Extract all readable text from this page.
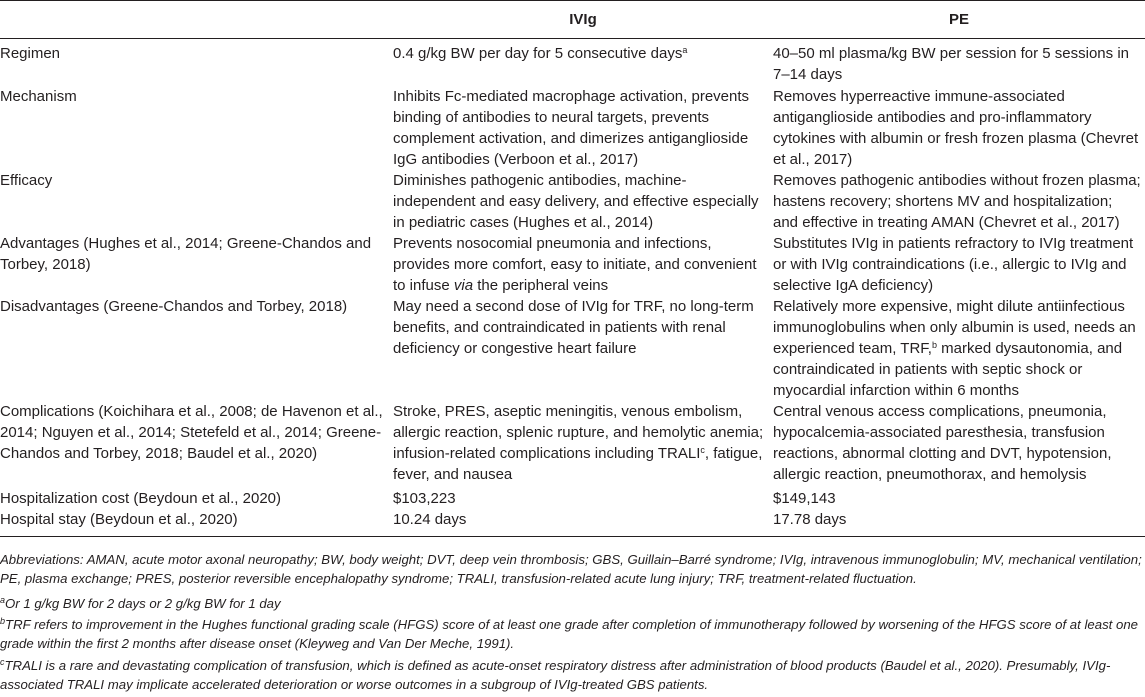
	IVIg	PE
Regimen	0.4 g/kg BW per day for 5 consecutive days$^a$	40–50 ml plasma/kg BW per session for 5 sessions in 7–14 days
Mechanism	Inhibits Fc-mediated macrophage activation, prevents binding of antibodies to neural targets, prevents complement activation, and dimerizes antiganglioside IgG antibodies (Verboon et al., 2017)	Removes hyperreactive immune-associated antiganglioside antibodies and pro-inflammatory cytokines with albumin or fresh frozen plasma (Chevret et al., 2017)
Efficacy	Diminishes pathogenic antibodies, machine-independent and easy delivery, and effective especially in pediatric cases (Hughes et al., 2014)	Removes pathogenic antibodies without frozen plasma; hastens recovery; shortens MV and hospitalization; and effective in treating AMAN (Chevret et al., 2017)
Advantages (Hughes et al., 2014; Greene-Chandos and Torbey, 2018)	Prevents nosocomial pneumonia and infections, provides more comfort, easy to initiate, and convenient to infuse via the peripheral veins	Substitutes IVIg in patients refractory to IVIg treatment or with IVIg contraindications (i.e., allergic to IVIg and selective IgA deficiency)
Disadvantages (Greene-Chandos and Torbey, 2018)	May need a second dose of IVIg for TRF, no long-term benefits, and contraindicated in patients with renal deficiency or congestive heart failure	Relatively more expensive, might dilute antiinfectious immunoglobulins when only albumin is used, needs an experienced team, TRF,$^b$ marked dysautonomia, and contraindicated in patients with septic shock or myocardial infarction within 6 months
Complications (Koichihara et al., 2008; de Havenon et al., 2014; Nguyen et al., 2014; Stetefeld et al., 2014; Greene-Chandos and Torbey, 2018; Baudel et al., 2020)	Stroke, PRES, aseptic meningitis, venous embolism, allergic reaction, splenic rupture, and hemolytic anemia; infusion-related complications including TRALI$^c$, fatigue, fever, and nausea	Central venous access complications, pneumonia, hypocalcemia-associated paresthesia, transfusion reactions, abnormal clotting and DVT, hypotension, allergic reaction, pneumothorax, and hemolysis
Hospitalization cost (Beydoun et al., 2020)	$103,223	$149,143
Hospital stay (Beydoun et al., 2020)	10.24 days	17.78 days
Abbreviations: AMAN, acute motor axonal neuropathy; BW, body weight; DVT, deep vein thrombosis; GBS, Guillain–Barré syndrome; IVIg, intravenous immunoglobulin; MV, mechanical ventilation; PE, plasma exchange; PRES, posterior reversible encephalopathy syndrome; TRALI, transfusion-related acute lung injury; TRF, treatment-related fluctuation.
$^a$Or 1 g/kg BW for 2 days or 2 g/kg BW for 1 day
$^b$TRF refers to improvement in the Hughes functional grading scale (HFGS) score of at least one grade after completion of immunotherapy followed by worsening of the HFGS score of at least one grade within the first 2 months after disease onset (Kleyweg and Van Der Meche, 1991).
$^c$TRALI is a rare and devastating complication of transfusion, which is defined as acute-onset respiratory distress after administration of blood products (Baudel et al., 2020). Presumably, IVIg-associated TRALI may implicate accelerated deterioration or worse outcomes in a subgroup of IVIg-treated GBS patients.
